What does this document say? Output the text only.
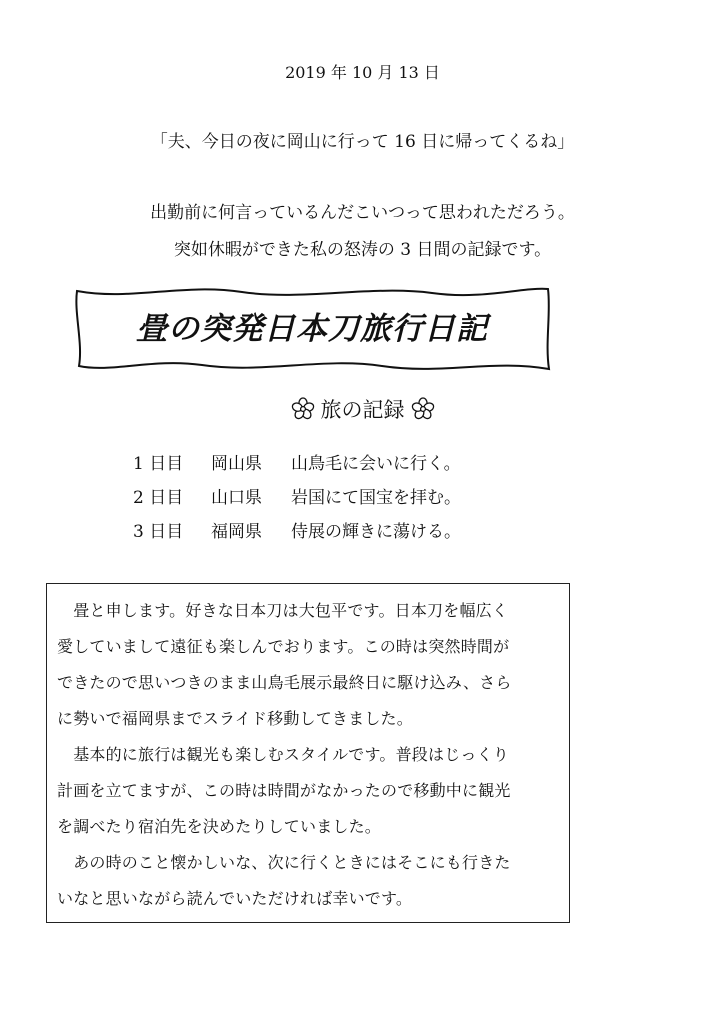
2019 年 10 月 13 日
「夫、今日の夜に岡山に行って 16 日に帰ってくるね」
出勤前に何言っているんだこいつって思われただろう。
突如休暇ができた私の怒涛の 3 日間の記録です。
畳の突発日本刀旅行日記
旅の記録
1 日目 岡山県 山鳥毛に会いに行く。
2 日目 山口県 岩国にて国宝を拝む。
3 日目 福岡県 侍展の輝きに蕩ける。
　畳と申します。好きな日本刀は大包平です。日本刀を幅広く
愛していまして遠征も楽しんでおります。この時は突然時間が
できたので思いつきのまま山鳥毛展示最終日に駆け込み、さら
に勢いで福岡県までスライド移動してきました。
　基本的に旅行は観光も楽しむスタイルです。普段はじっくり
計画を立てますが、この時は時間がなかったので移動中に観光
を調べたり宿泊先を決めたりしていました。
　あの時のこと懐かしいな、次に行くときにはそこにも行きた
いなと思いながら読んでいただければ幸いです。
